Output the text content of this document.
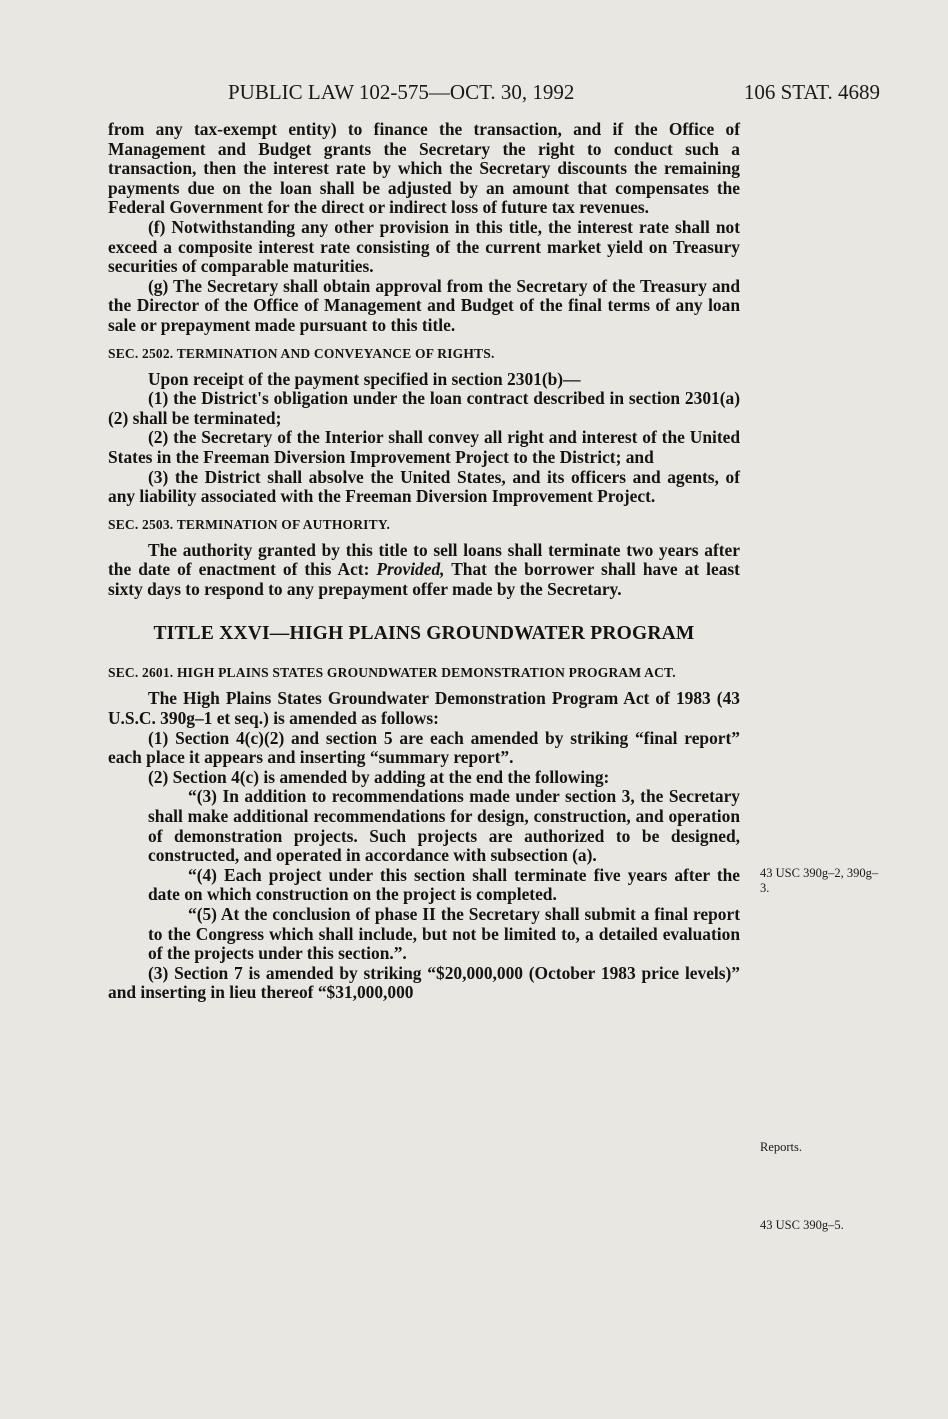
PUBLIC LAW 102-575—OCT. 30, 1992	106 STAT. 4689

from any tax-exempt entity) to finance the transaction, and if the Office of Management and Budget grants the Secretary the right to conduct such a transaction, then the interest rate by which the Secretary discounts the remaining payments due on the loan shall be adjusted by an amount that compensates the Federal Government for the direct or indirect loss of future tax revenues.

(f) Notwithstanding any other provision in this title, the interest rate shall not exceed a composite interest rate consisting of the current market yield on Treasury securities of comparable maturities.

(g) The Secretary shall obtain approval from the Secretary of the Treasury and the Director of the Office of Management and Budget of the final terms of any loan sale or prepayment made pursuant to this title.

SEC. 2502. TERMINATION AND CONVEYANCE OF RIGHTS.

Upon receipt of the payment specified in section 2301(b)—

(1) the District's obligation under the loan contract described in section 2301(a)(2) shall be terminated;

(2) the Secretary of the Interior shall convey all right and interest of the United States in the Freeman Diversion Improvement Project to the District; and

(3) the District shall absolve the United States, and its officers and agents, of any liability associated with the Freeman Diversion Improvement Project.

SEC. 2503. TERMINATION OF AUTHORITY.

The authority granted by this title to sell loans shall terminate two years after the date of enactment of this Act: Provided, That the borrower shall have at least sixty days to respond to any prepayment offer made by the Secretary.

TITLE XXVI—HIGH PLAINS GROUNDWATER PROGRAM
SEC. 2601. HIGH PLAINS STATES GROUNDWATER DEMONSTRATION PROGRAM ACT.

The High Plains States Groundwater Demonstration Program Act of 1983 (43 U.S.C. 390g–1 et seq.) is amended as follows:

(1) Section 4(c)(2) and section 5 are each amended by striking “final report” each place it appears and inserting “summary report”.

(2) Section 4(c) is amended by adding at the end the following:

“(3) In addition to recommendations made under section 3, the Secretary shall make additional recommendations for design, construction, and operation of demonstration projects. Such projects are authorized to be designed, constructed, and operated in accordance with subsection (a).

“(4) Each project under this section shall terminate five years after the date on which construction on the project is completed.

“(5) At the conclusion of phase II the Secretary shall submit a final report to the Congress which shall include, but not be limited to, a detailed evaluation of the projects under this section.”.

(3) Section 7 is amended by striking “$20,000,000 (October 1983 price levels)” and inserting in lieu thereof “$31,000,000

43 USC 390g–2, 390g–3.
Reports.
43 USC 390g–5.
